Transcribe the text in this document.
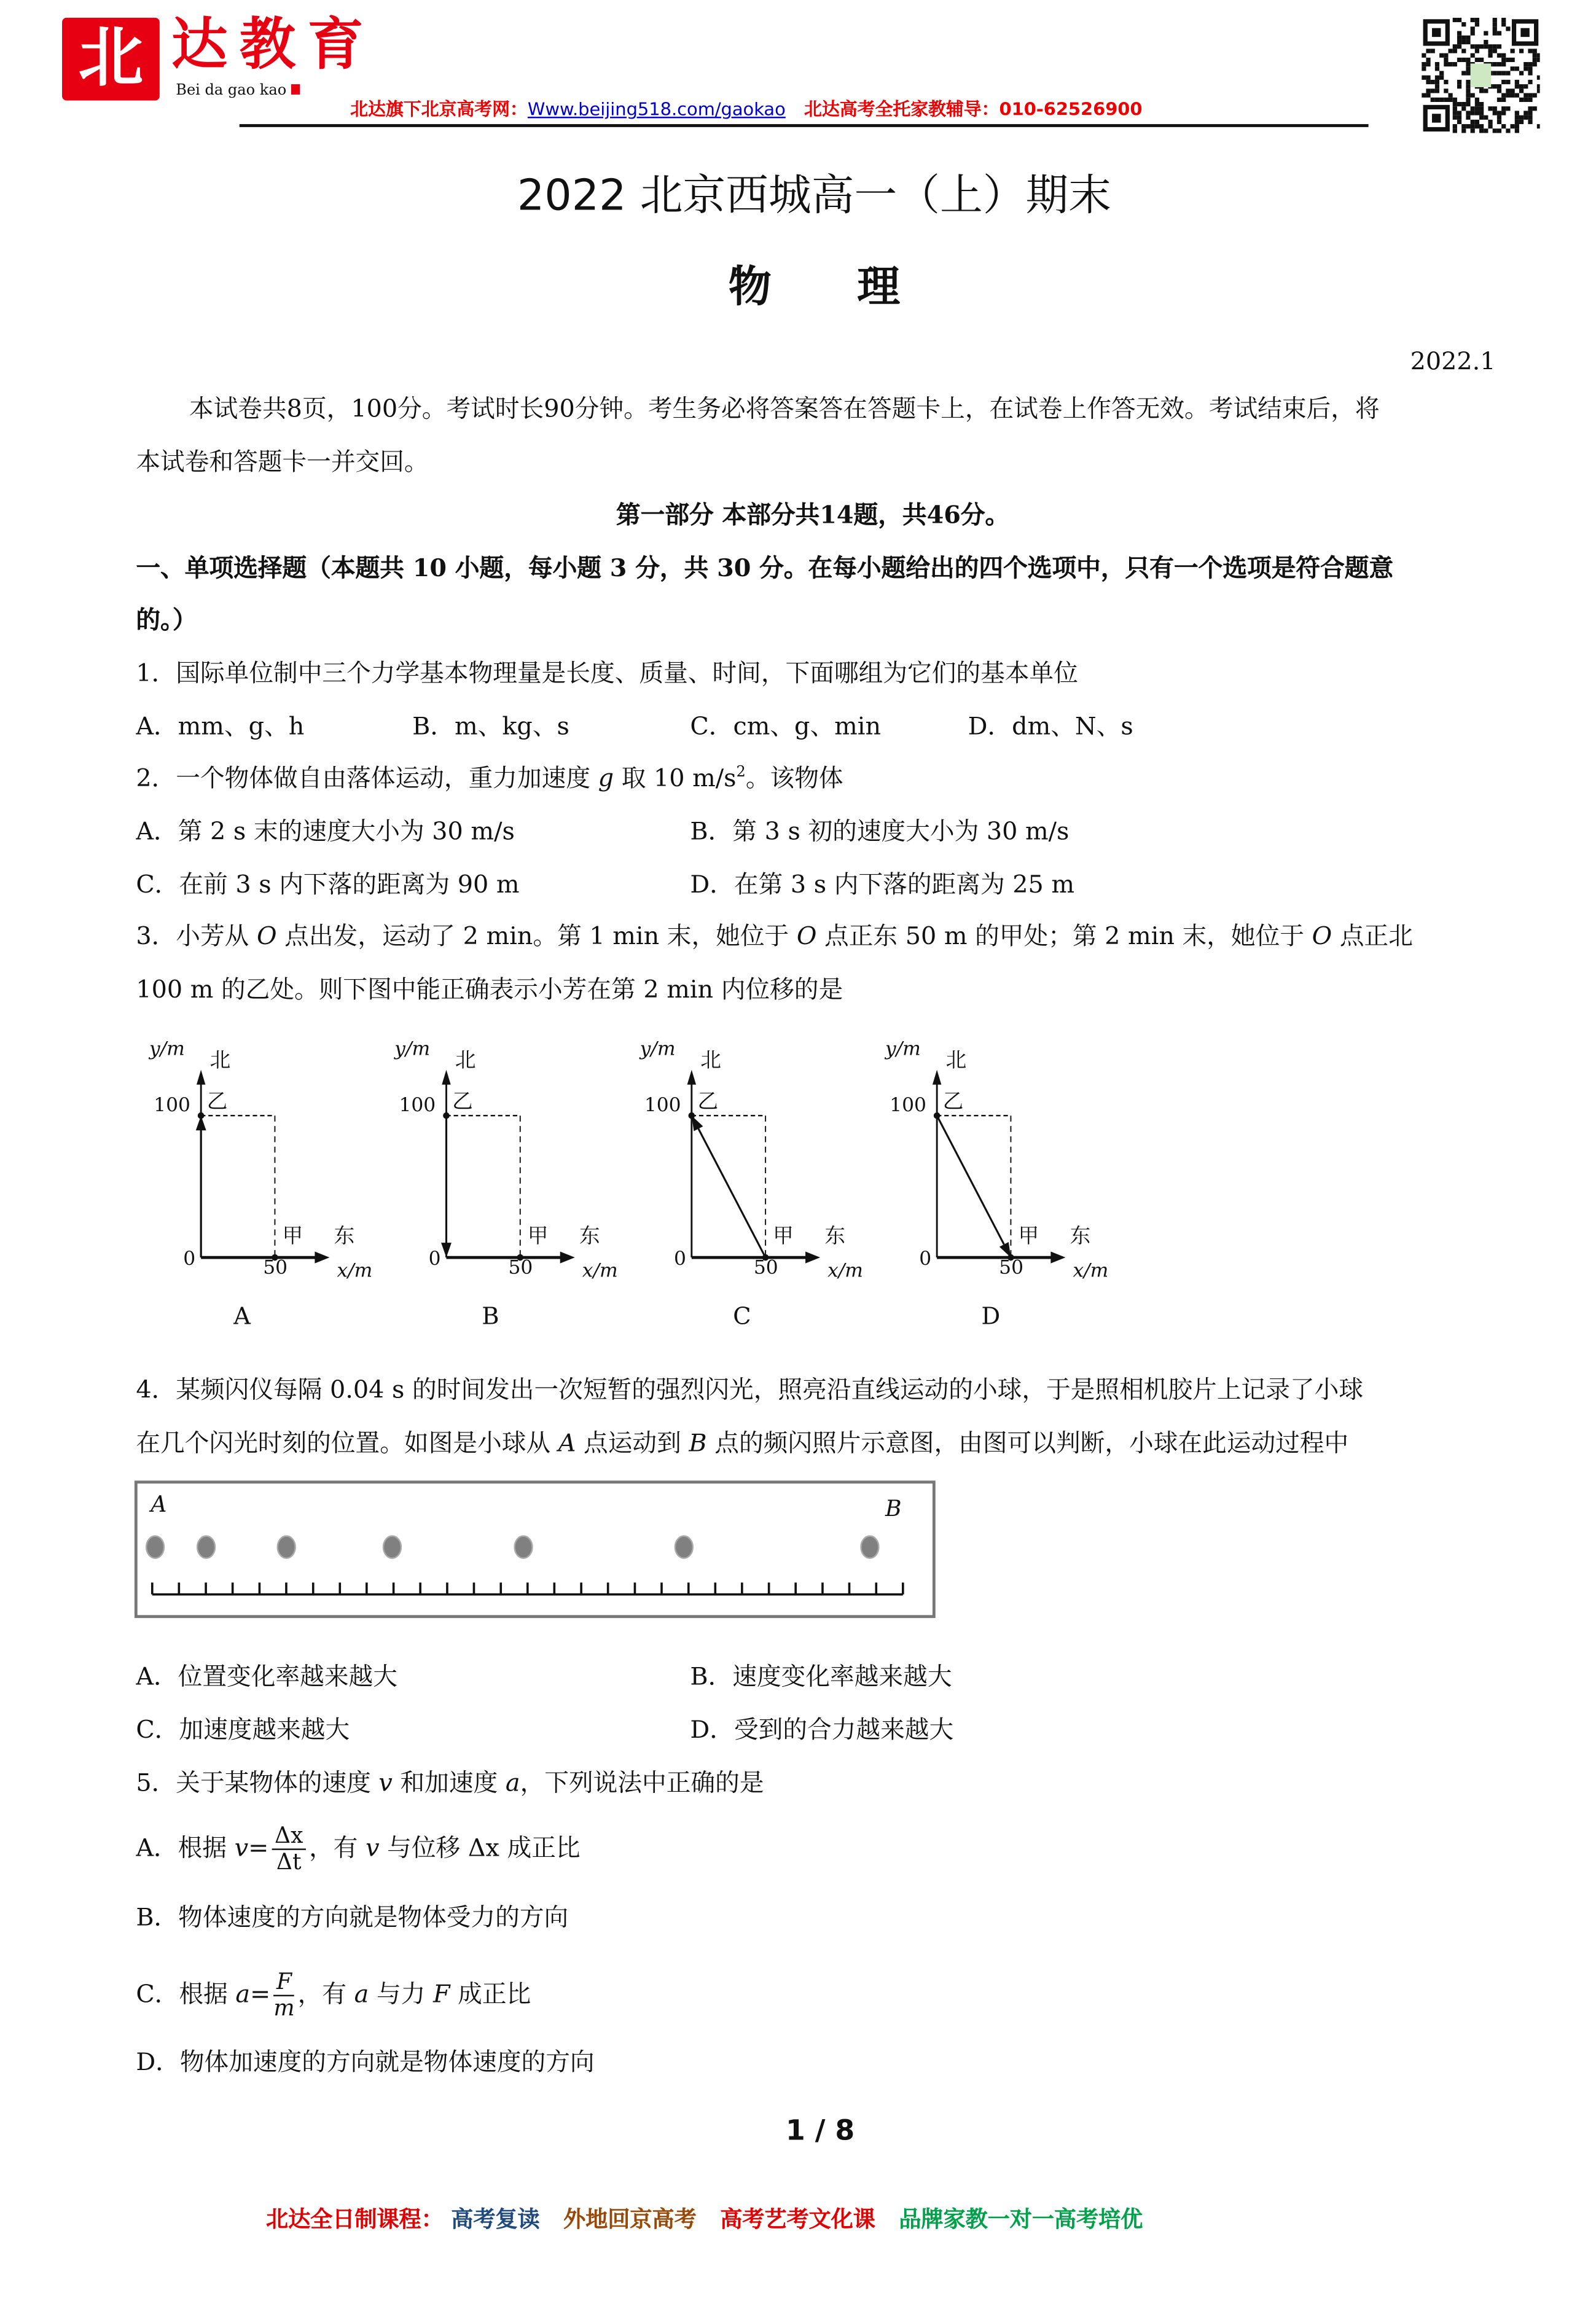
北	达教育
Bei da gao kao
北达旗下北京高考网：Www.beijing518.com/gaokao	北达高考全托家教辅导：010-62526900
2022 北京西城高一（上）期末
物　　理
2022.1
本试卷共8页，100分。考试时长90分钟。考生务必将答案答在答题卡上，在试卷上作答无效。考试结束后，将
本试卷和答题卡一并交回。
第一部分 本部分共14题，共46分。
一、单项选择题（本题共 10 小题，每小题 3 分，共 30 分。在每小题给出的四个选项中，只有一个选项是符合题意
的。）
1．国际单位制中三个力学基本物理量是长度、质量、时间，下面哪组为它们的基本单位
A．mm、g、h	B．m、kg、s	C．cm、g、min	D．dm、N、s
2．一个物体做自由落体运动，重力加速度 g 取 10 $m/s^2$。该物体
A．第 2 s 末的速度大小为 30 m/s	B．第 3 s 初的速度大小为 30 m/s
C．在前 3 s 内下落的距离为 90 m	D．在第 3 s 内下落的距离为 25 m
3．小芳从 O 点出发，运动了 2 min。第 1 min 末，她位于 O 点正东 50 m 的甲处；第 2 min 末，她位于 O 点正北
100 m 的乙处。则下图中能正确表示小芳在第 2 min 内位移的是
y/m	北
100 乙
甲	东
0	50	x/m
A
y/m	北
100 乙
甲	东
0	50	x/m
B
y/m	北
100 乙
甲	东
0	50	x/m
C
y/m	北
100 乙
甲	东
0	50	x/m
D
4．某频闪仪每隔 0.04 s 的时间发出一次短暂的强烈闪光，照亮沿直线运动的小球，于是照相机胶片上记录了小球
在几个闪光时刻的位置。如图是小球从 A 点运动到 B 点的频闪照片示意图，由图可以判断，小球在此运动过程中
A	B
A．位置变化率越来越大	B．速度变化率越来越大
C．加速度越来越大	D．受到的合力越来越大
5．关于某物体的速度 v 和加速度 a，下列说法中正确的是
A．根据 $v= \frac{\Delta x}{\Delta t}$ ，有 v 与位移 Δx 成正比
B．物体速度的方向就是物体受力的方向
C．根据 $a= \frac{F}{m}$ ，有 a 与力 F 成正比
D．物体加速度的方向就是物体速度的方向
1 / 8
北达全日制课程： 高考复读	外地回京高考	高考艺考文化课	品牌家教一对一高考培优
